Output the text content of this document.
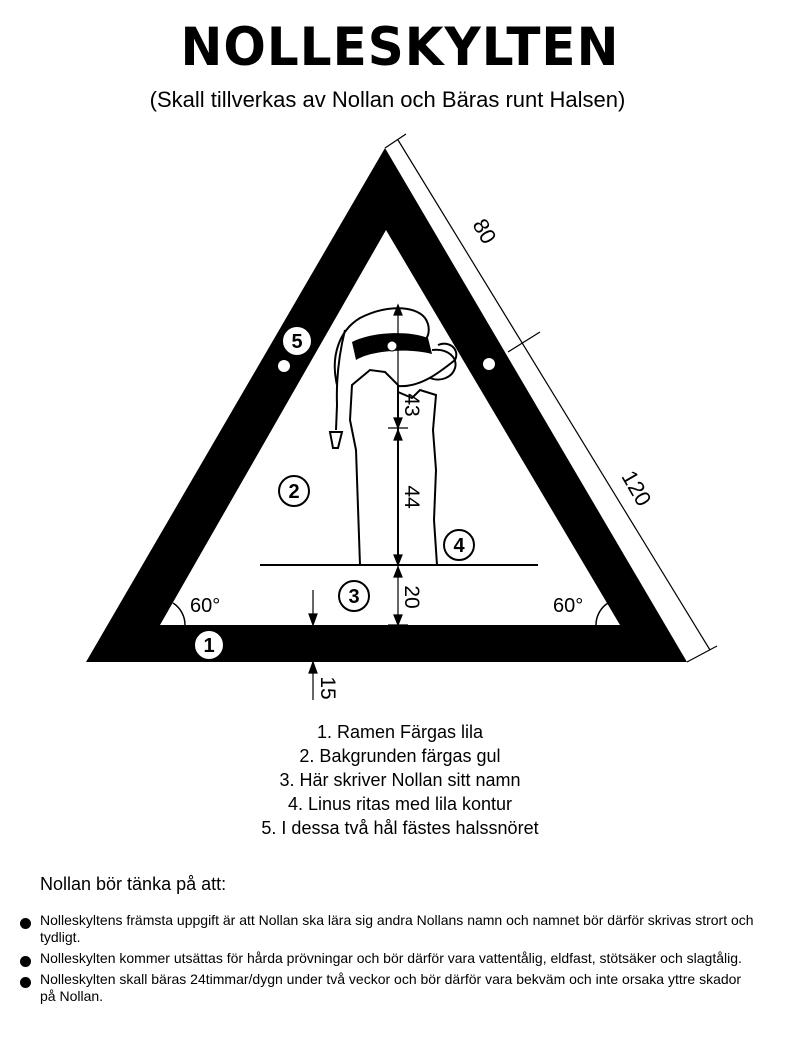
NOLLESKYLTEN
(Skall tillverkas av Nollan och Bäras runt Halsen)
80
120
43
44
20
15
60°	60°
1
2
3
4
5
1. Ramen Färgas lila
2. Bakgrunden färgas gul
3. Här skriver Nollan sitt namn
4. Linus ritas med lila kontur
5. I dessa två hål fästes halssnöret
Nollan bör tänka på att:
Nolleskyltens främsta uppgift är att Nollan ska lära sig andra Nollans namn och namnet bör därför skrivas strort och tydligt.
Nolleskylten kommer utsättas för hårda prövningar och bör därför vara vattentålig, eldfast, stötsäker och slagtålig.
Nolleskylten skall bäras 24timmar/dygn under två veckor och bör därför vara bekväm och inte orsaka yttre skador på Nollan.
